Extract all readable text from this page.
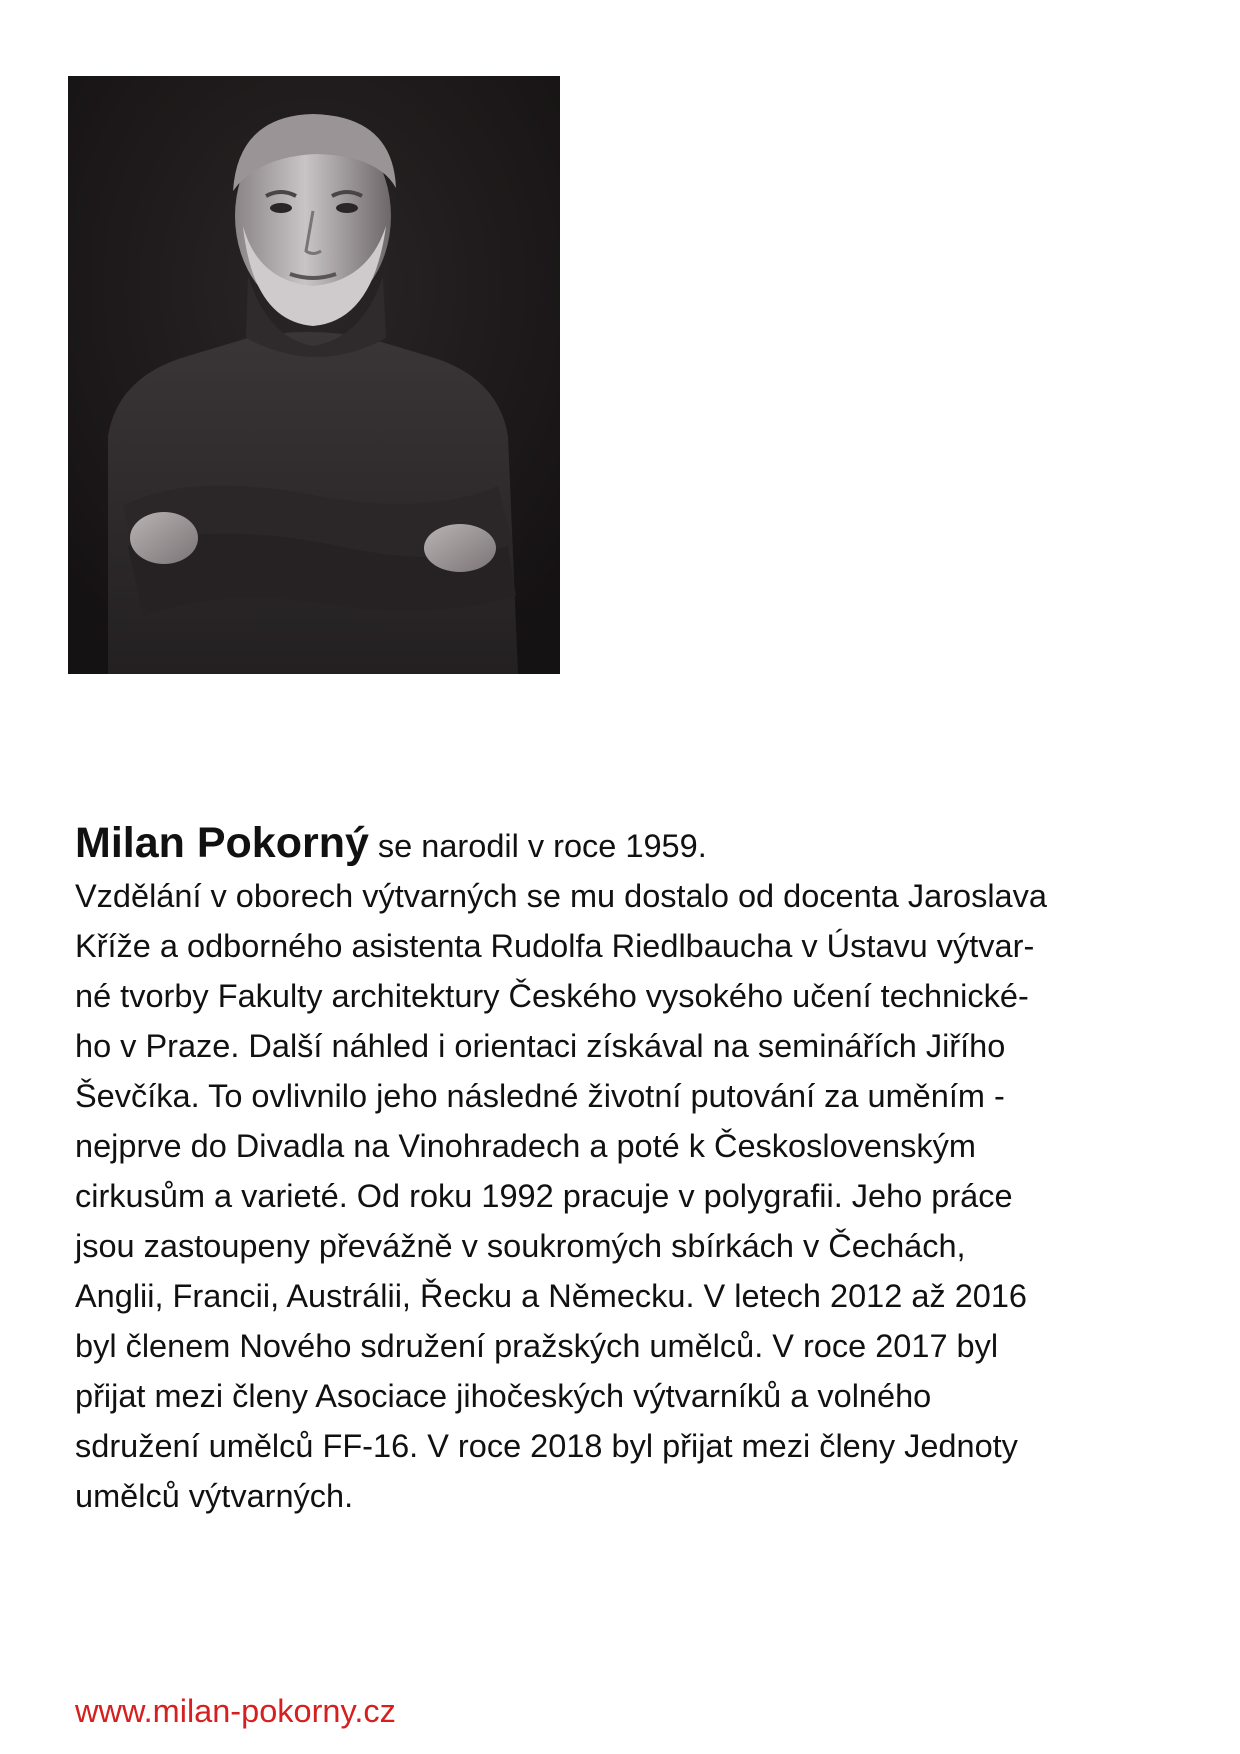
Milan Pokorný se narodil v roce 1959.

Vzdělání v oborech výtvarných se mu dostalo od docenta Jaroslava
Kříže a odborného asistenta Rudolfa Riedlbaucha v Ústavu výtvar-
né tvorby Fakulty architektury Českého vysokého učení technické-
ho v Praze. Další náhled i orientaci získával na seminářích Jiřího
Ševčíka. To ovlivnilo jeho následné životní putování za uměním -
nejprve do Divadla na Vinohradech a poté k Československým
cirkusům a varieté. Od roku 1992 pracuje v polygrafii. Jeho práce
jsou zastoupeny převážně v soukromých sbírkách v Čechách,
Anglii, Francii, Austrálii, Řecku a Německu. V letech 2012 až 2016
byl členem Nového sdružení pražských umělců. V roce 2017 byl
přijat mezi členy Asociace jihočeských výtvarníků a volného
sdružení umělců FF-16. V roce 2018 byl přijat mezi členy Jednoty
umělců výtvarných.
www.milan-pokorny.cz
